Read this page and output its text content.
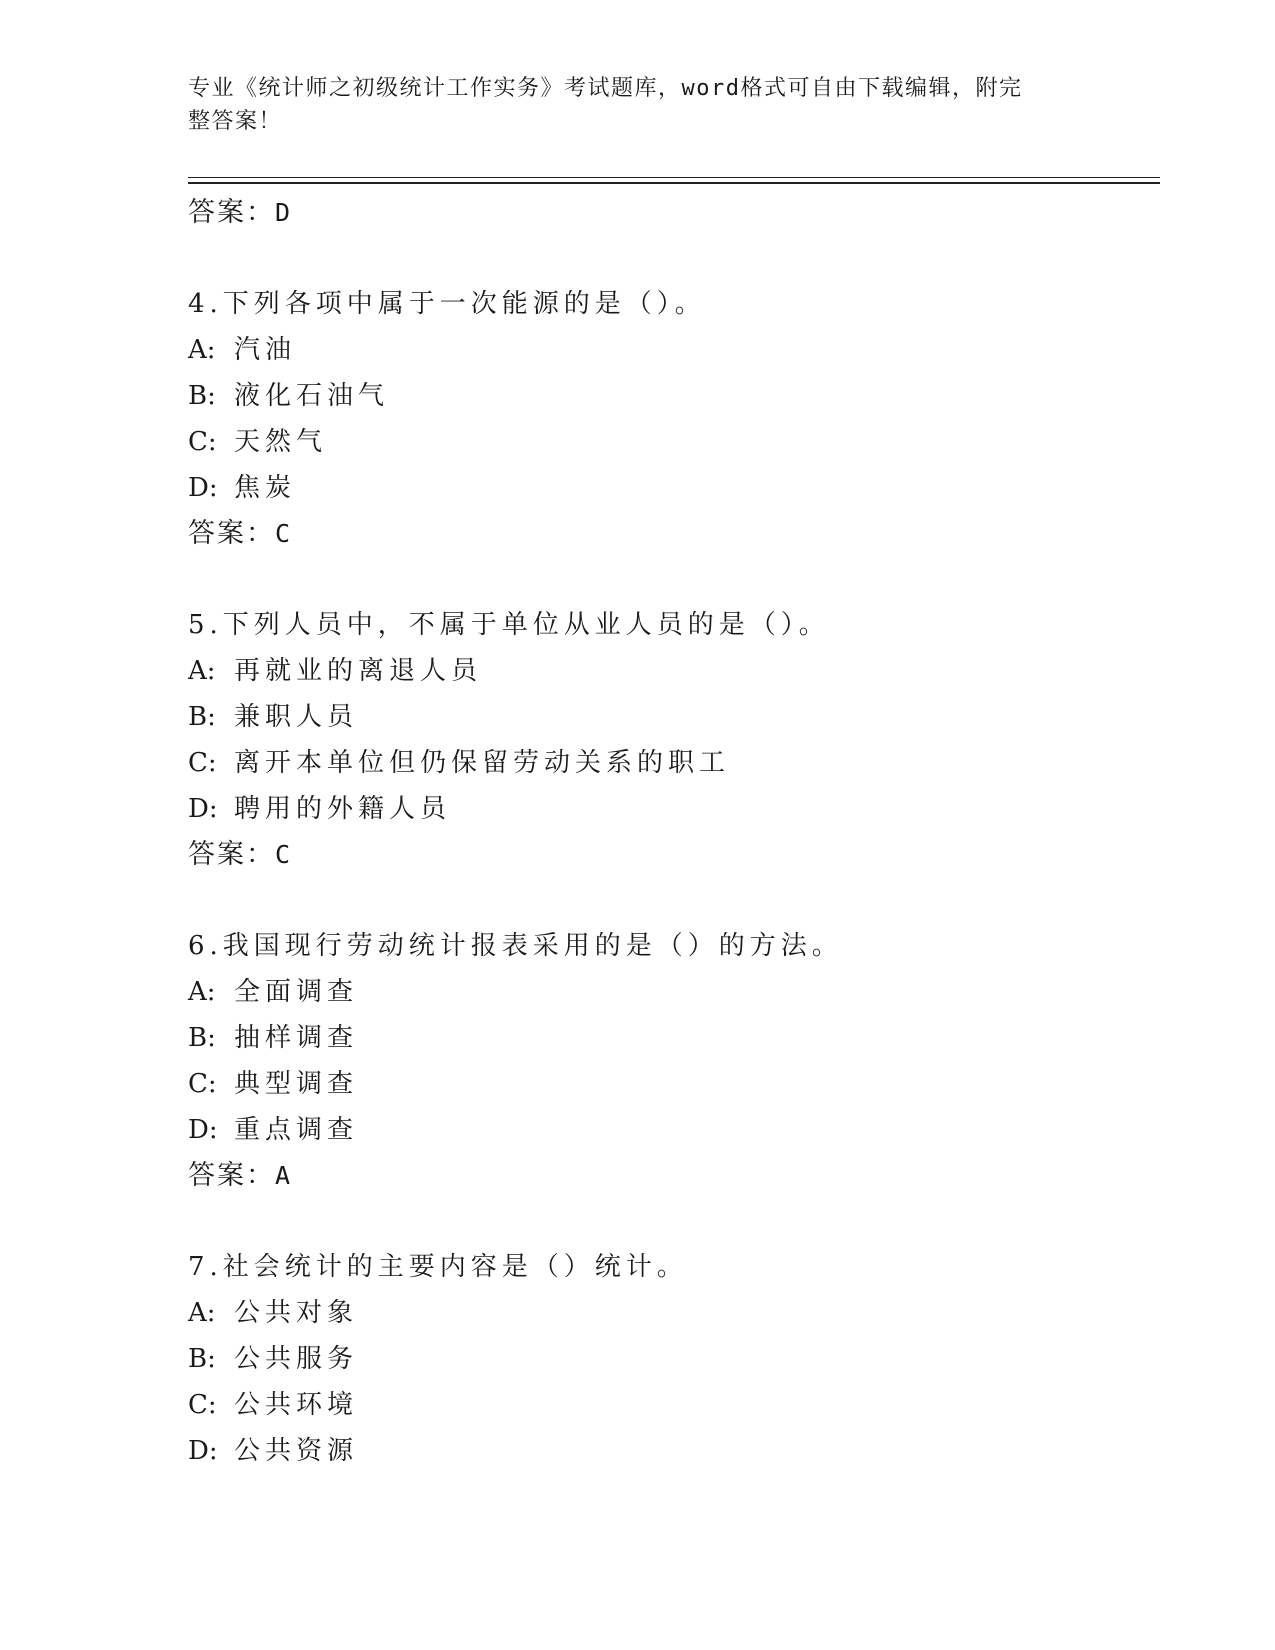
专业《统计师之初级统计工作实务》考试题库，word格式可自由下载编辑，附完
整答案！

答案：D

4.下列各项中属于一次能源的是（）。

A: 汽油

B: 液化石油气

C: 天然气

D: 焦炭

答案：C

5.下列人员中，不属于单位从业人员的是（）。

A: 再就业的离退人员

B: 兼职人员

C: 离开本单位但仍保留劳动关系的职工

D: 聘用的外籍人员

答案：C

6.我国现行劳动统计报表采用的是（）的方法。

A: 全面调查

B: 抽样调查

C: 典型调查

D: 重点调查

答案：A

7.社会统计的主要内容是（）统计。

A: 公共对象

B: 公共服务

C: 公共环境

D: 公共资源
